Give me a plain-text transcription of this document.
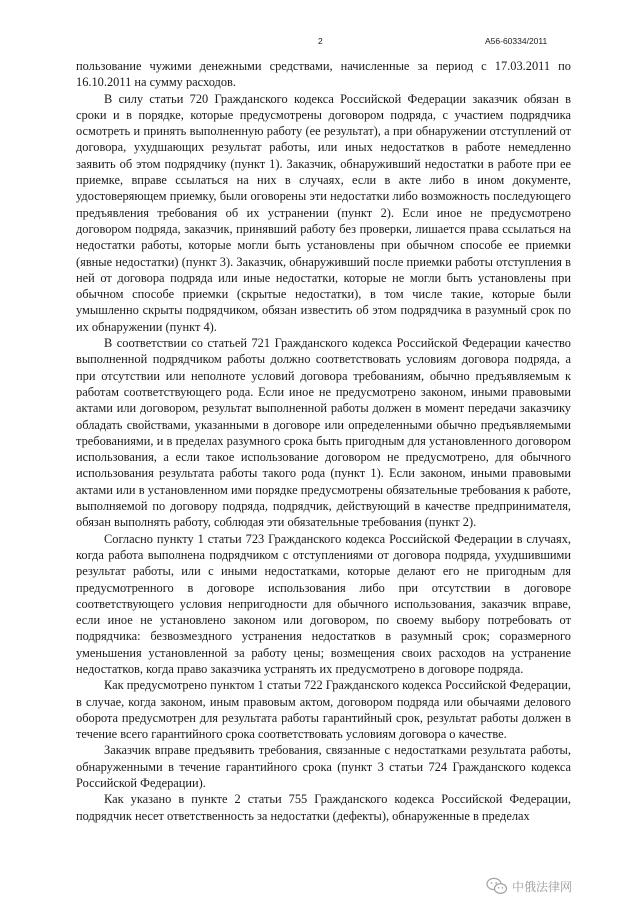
2	А56-60334/2011

пользование чужими денежными средствами, начисленные за период с 17.03.2011 по 16.10.2011 на сумму расходов.

В силу статьи 720 Гражданского кодекса Российской Федерации заказчик обязан в сроки и в порядке, которые предусмотрены договором подряда, с участием подрядчика осмотреть и принять выполненную работу (ее результат), а при обнаружении отступлений от договора, ухудшающих результат работы, или иных недостатков в работе немедленно заявить об этом подрядчику (пункт 1). Заказчик, обнаруживший недостатки в работе при ее приемке, вправе ссылаться на них в случаях, если в акте либо в ином документе, удостоверяющем приемку, были оговорены эти недостатки либо возможность последующего предъявления требования об их устранении (пункт 2). Если иное не предусмотрено договором подряда, заказчик, принявший работу без проверки, лишается права ссылаться на недостатки работы, которые могли быть установлены при обычном способе ее приемки (явные недостатки) (пункт 3). Заказчик, обнаруживший после приемки работы отступления в ней от договора подряда или иные недостатки, которые не могли быть установлены при обычном способе приемки (скрытые недостатки), в том числе такие, которые были умышленно скрыты подрядчиком, обязан известить об этом подрядчика в разумный срок по их обнаружении (пункт 4).

В соответствии со статьей 721 Гражданского кодекса Российской Федерации качество выполненной подрядчиком работы должно соответствовать условиям договора подряда, а при отсутствии или неполноте условий договора требованиям, обычно предъявляемым к работам соответствующего рода. Если иное не предусмотрено законом, иными правовыми актами или договором, результат выполненной работы должен в момент передачи заказчику обладать свойствами, указанными в договоре или определенными обычно предъявляемыми требованиями, и в пределах разумного срока быть пригодным для установленного договором использования, а если такое использование договором не предусмотрено, для обычного использования результата работы такого рода (пункт 1). Если законом, иными правовыми актами или в установленном ими порядке предусмотрены обязательные требования к работе, выполняемой по договору подряда, подрядчик, действующий в качестве предпринимателя, обязан выполнять работу, соблюдая эти обязательные требования (пункт 2).

Согласно пункту 1 статьи 723 Гражданского кодекса Российской Федерации в случаях, когда работа выполнена подрядчиком с отступлениями от договора подряда, ухудшившими результат работы, или с иными недостатками, которые делают его не пригодным для предусмотренного в договоре использования либо при отсутствии в договоре соответствующего условия непригодности для обычного использования, заказчик вправе, если иное не установлено законом или договором, по своему выбору потребовать от подрядчика: безвозмездного устранения недостатков в разумный срок; соразмерного уменьшения установленной за работу цены; возмещения своих расходов на устранение недостатков, когда право заказчика устранять их предусмотрено в договоре подряда.

Как предусмотрено пунктом 1 статьи 722 Гражданского кодекса Российской Федерации, в случае, когда законом, иным правовым актом, договором подряда или обычаями делового оборота предусмотрен для результата работы гарантийный срок, результат работы должен в течение всего гарантийного срока соответствовать условиям договора о качестве.

Заказчик вправе предъявить требования, связанные с недостатками результата работы, обнаруженными в течение гарантийного срока (пункт 3 статьи 724 Гражданского кодекса Российской Федерации).

Как указано в пункте 2 статьи 755 Гражданского кодекса Российской Федерации, подрядчик несет ответственность за недостатки (дефекты), обнаруженные в пределах

中俄法律网
